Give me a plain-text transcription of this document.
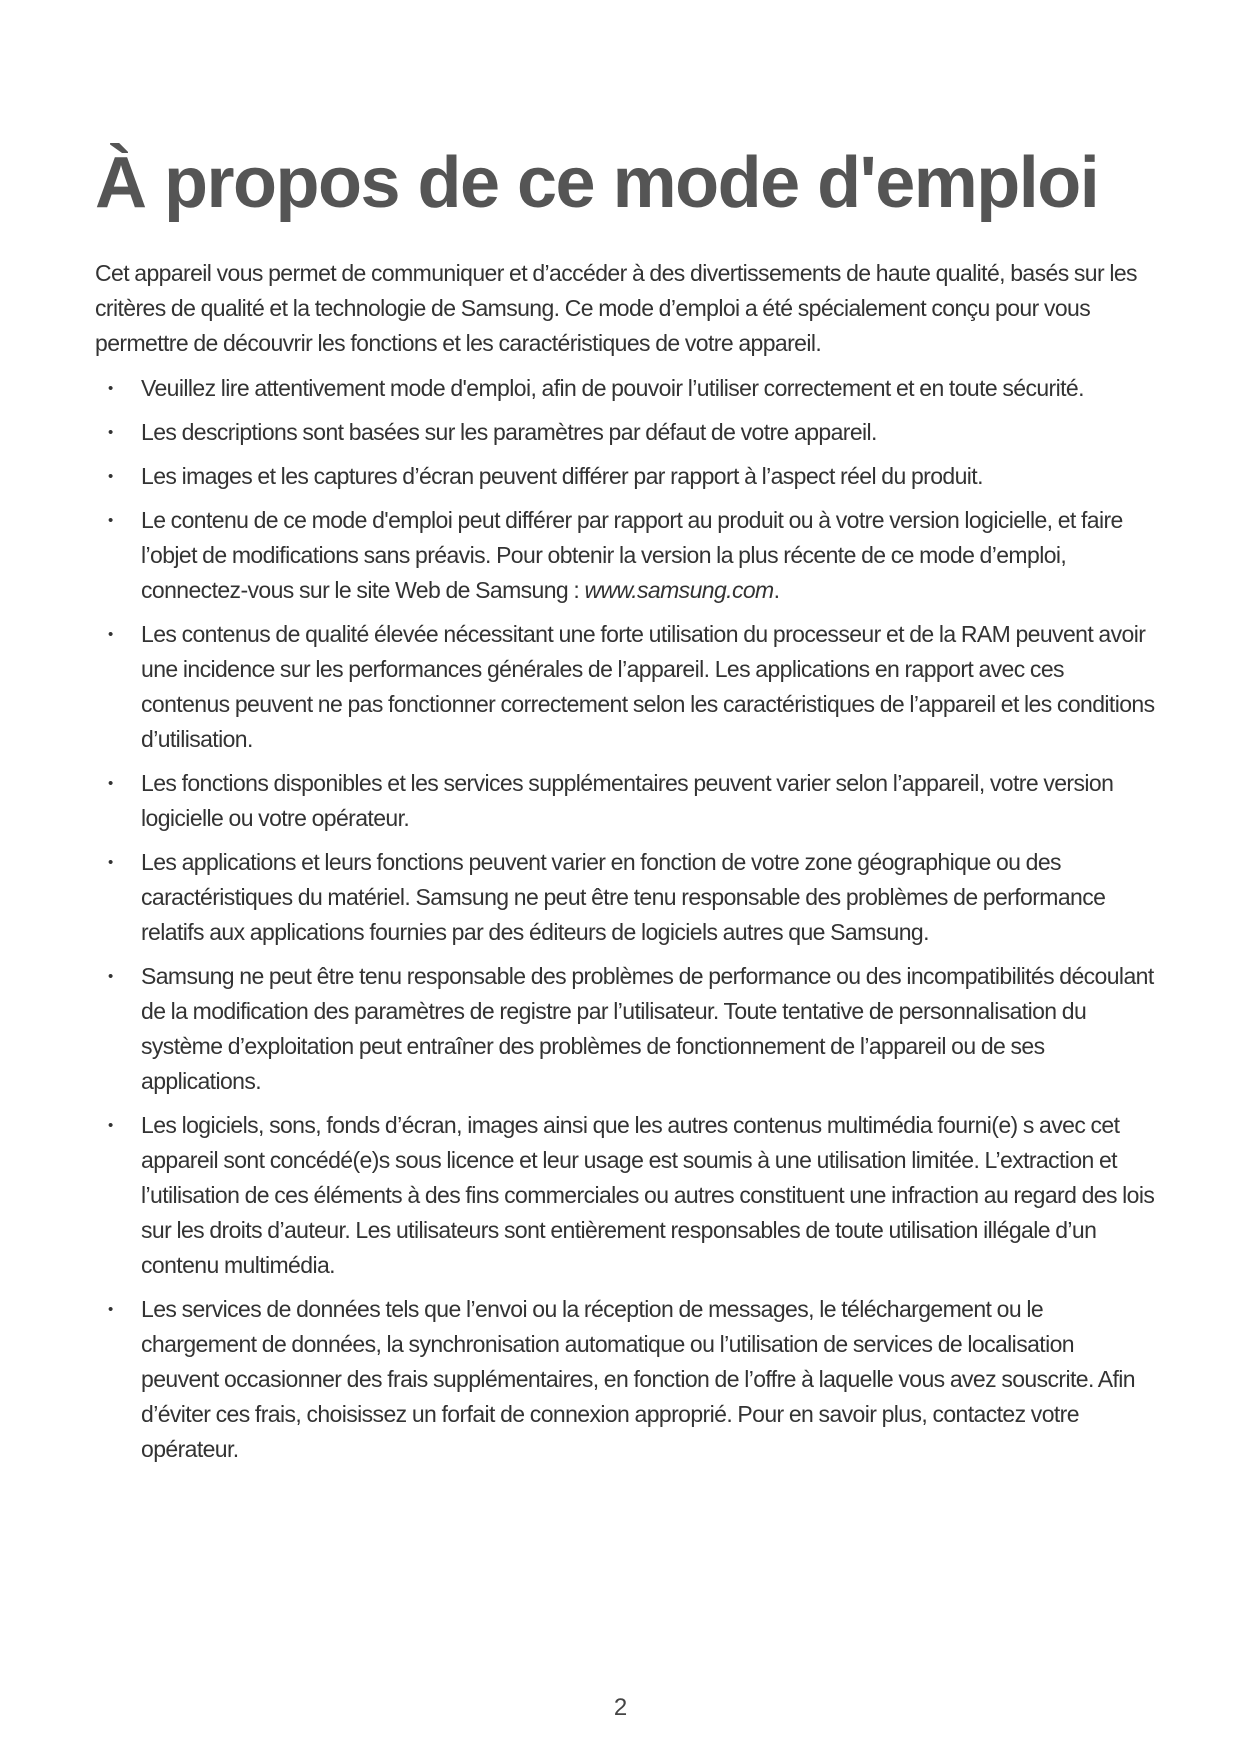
À propos de ce mode d'emploi

Cet appareil vous permet de communiquer et d’accéder à des divertissements de haute qualité, basés sur les critères de qualité et la technologie de Samsung. Ce mode d’emploi a été spécialement conçu pour vous permettre de découvrir les fonctions et les caractéristiques de votre appareil.

• Veuillez lire attentivement mode d'emploi, afin de pouvoir l’utiliser correctement et en toute sécurité.
• Les descriptions sont basées sur les paramètres par défaut de votre appareil.
• Les images et les captures d’écran peuvent différer par rapport à l’aspect réel du produit.
• Le contenu de ce mode d'emploi peut différer par rapport au produit ou à votre version logicielle, et faire l’objet de modifications sans préavis. Pour obtenir la version la plus récente de ce mode d’emploi, connectez-vous sur le site Web de Samsung : www.samsung.com.
• Les contenus de qualité élevée nécessitant une forte utilisation du processeur et de la RAM peuvent avoir une incidence sur les performances générales de l’appareil. Les applications en rapport avec ces contenus peuvent ne pas fonctionner correctement selon les caractéristiques de l’appareil et les conditions d’utilisation.
• Les fonctions disponibles et les services supplémentaires peuvent varier selon l’appareil, votre version logicielle ou votre opérateur.
• Les applications et leurs fonctions peuvent varier en fonction de votre zone géographique ou des caractéristiques du matériel. Samsung ne peut être tenu responsable des problèmes de performance relatifs aux applications fournies par des éditeurs de logiciels autres que Samsung.
• Samsung ne peut être tenu responsable des problèmes de performance ou des incompatibilités découlant de la modification des paramètres de registre par l’utilisateur. Toute tentative de personnalisation du système d’exploitation peut entraîner des problèmes de fonctionnement de l’appareil ou de ses applications.
• Les logiciels, sons, fonds d’écran, images ainsi que les autres contenus multimédia fourni(e) s avec cet appareil sont concédé(e)s sous licence et leur usage est soumis à une utilisation limitée. L’extraction et l’utilisation de ces éléments à des fins commerciales ou autres constituent une infraction au regard des lois sur les droits d’auteur. Les utilisateurs sont entièrement responsables de toute utilisation illégale d’un contenu multimédia.
• Les services de données tels que l’envoi ou la réception de messages, le téléchargement ou le chargement de données, la synchronisation automatique ou l’utilisation de services de localisation peuvent occasionner des frais supplémentaires, en fonction de l’offre à laquelle vous avez souscrite. Afin d’éviter ces frais, choisissez un forfait de connexion approprié. Pour en savoir plus, contactez votre opérateur.
2
